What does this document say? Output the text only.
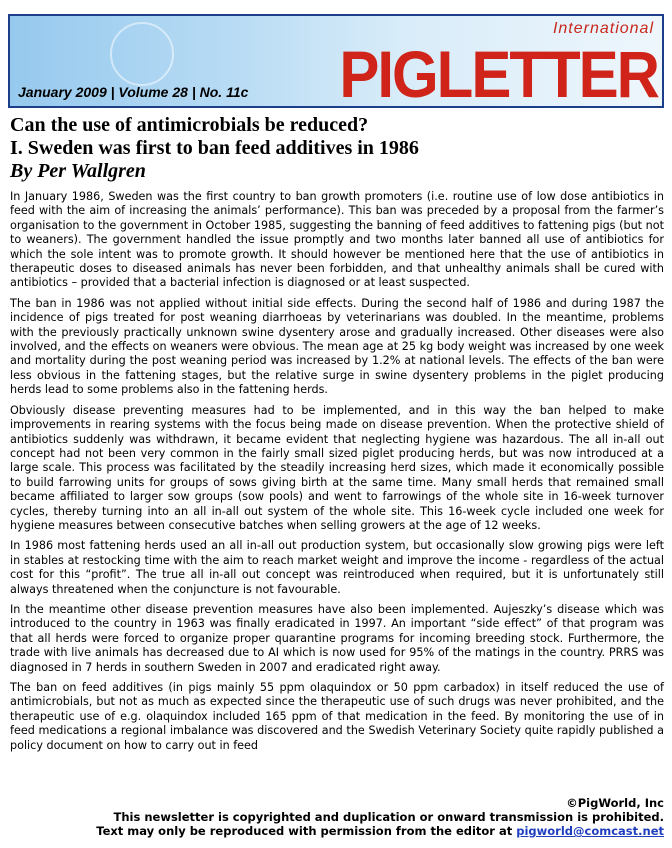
International
PIGLETTER
January 2009 | Volume 28 | No. 11c
Can the use of antimicrobials be reduced?
I. Sweden was first to ban feed additives in 1986
By Per Wallgren

In January 1986, Sweden was the first country to ban growth promoters (i.e. routine use of low dose antibiotics in feed with the aim of increasing the animals’ performance). This ban was preceded by a proposal from the farmer’s organisation to the government in October 1985, suggesting the banning of feed additives to fattening pigs (but not to weaners). The government handled the issue promptly and two months later banned all use of antibiotics for which the sole intent was to promote growth. It should however be mentioned here that the use of antibiotics in therapeutic doses to diseased animals has never been forbidden, and that unhealthy animals shall be cured with antibiotics – provided that a bacterial infection is diagnosed or at least suspected.

The ban in 1986 was not applied without initial side effects. During the second half of 1986 and during 1987 the incidence of pigs treated for post weaning diarrhoeas by veterinarians was doubled. In the meantime, problems with the previously practically unknown swine dysentery arose and gradually increased. Other diseases were also involved, and the effects on weaners were obvious. The mean age at 25 kg body weight was increased by one week and mortality during the post weaning period was increased by 1.2% at national levels. The effects of the ban were less obvious in the fattening stages, but the relative surge in swine dysentery problems in the piglet producing herds lead to some problems also in the fattening herds.

Obviously disease preventing measures had to be implemented, and in this way the ban helped to make improvements in rearing systems with the focus being made on disease prevention. When the protective shield of antibiotics suddenly was withdrawn, it became evident that neglecting hygiene was hazardous. The all in-all out concept had not been very common in the fairly small sized piglet producing herds, but was now introduced at a large scale. This process was facilitated by the steadily increasing herd sizes, which made it economically possible to build farrowing units for groups of sows giving birth at the same time. Many small herds that remained small became affiliated to larger sow groups (sow pools) and went to farrowings of the whole site in 16-week turnover cycles, thereby turning into an all in-all out system of the whole site. This 16-week cycle included one week for hygiene measures between consecutive batches when selling growers at the age of 12 weeks.

In 1986 most fattening herds used an all in-all out production system, but occasionally slow growing pigs were left in stables at restocking time with the aim to reach market weight and improve the income - regardless of the actual cost for this “profit”. The true all in-all out concept was reintroduced when required, but it is unfortunately still always threatened when the conjuncture is not favourable.

In the meantime other disease prevention measures have also been implemented. Aujeszky’s disease which was introduced to the country in 1963 was finally eradicated in 1997. An important “side effect” of that program was that all herds were forced to organize proper quarantine programs for incoming breeding stock. Furthermore, the trade with live animals has decreased due to AI which is now used for 95% of the matings in the country. PRRS was diagnosed in 7 herds in southern Sweden in 2007 and eradicated right away.

The ban on feed additives (in pigs mainly 55 ppm olaquindox or 50 ppm carbadox) in itself reduced the use of antimicrobials, but not as much as expected since the therapeutic use of such drugs was never prohibited, and the therapeutic use of e.g. olaquindox included 165 ppm of that medication in the feed. By monitoring the use of in feed medications a regional imbalance was discovered and the Swedish Veterinary Society quite rapidly published a policy document on how to carry out in feed

©PigWorld, Inc
This newsletter is copyrighted and duplication or onward transmission is prohibited.
Text may only be reproduced with permission from the editor at pigworld@comcast.net
